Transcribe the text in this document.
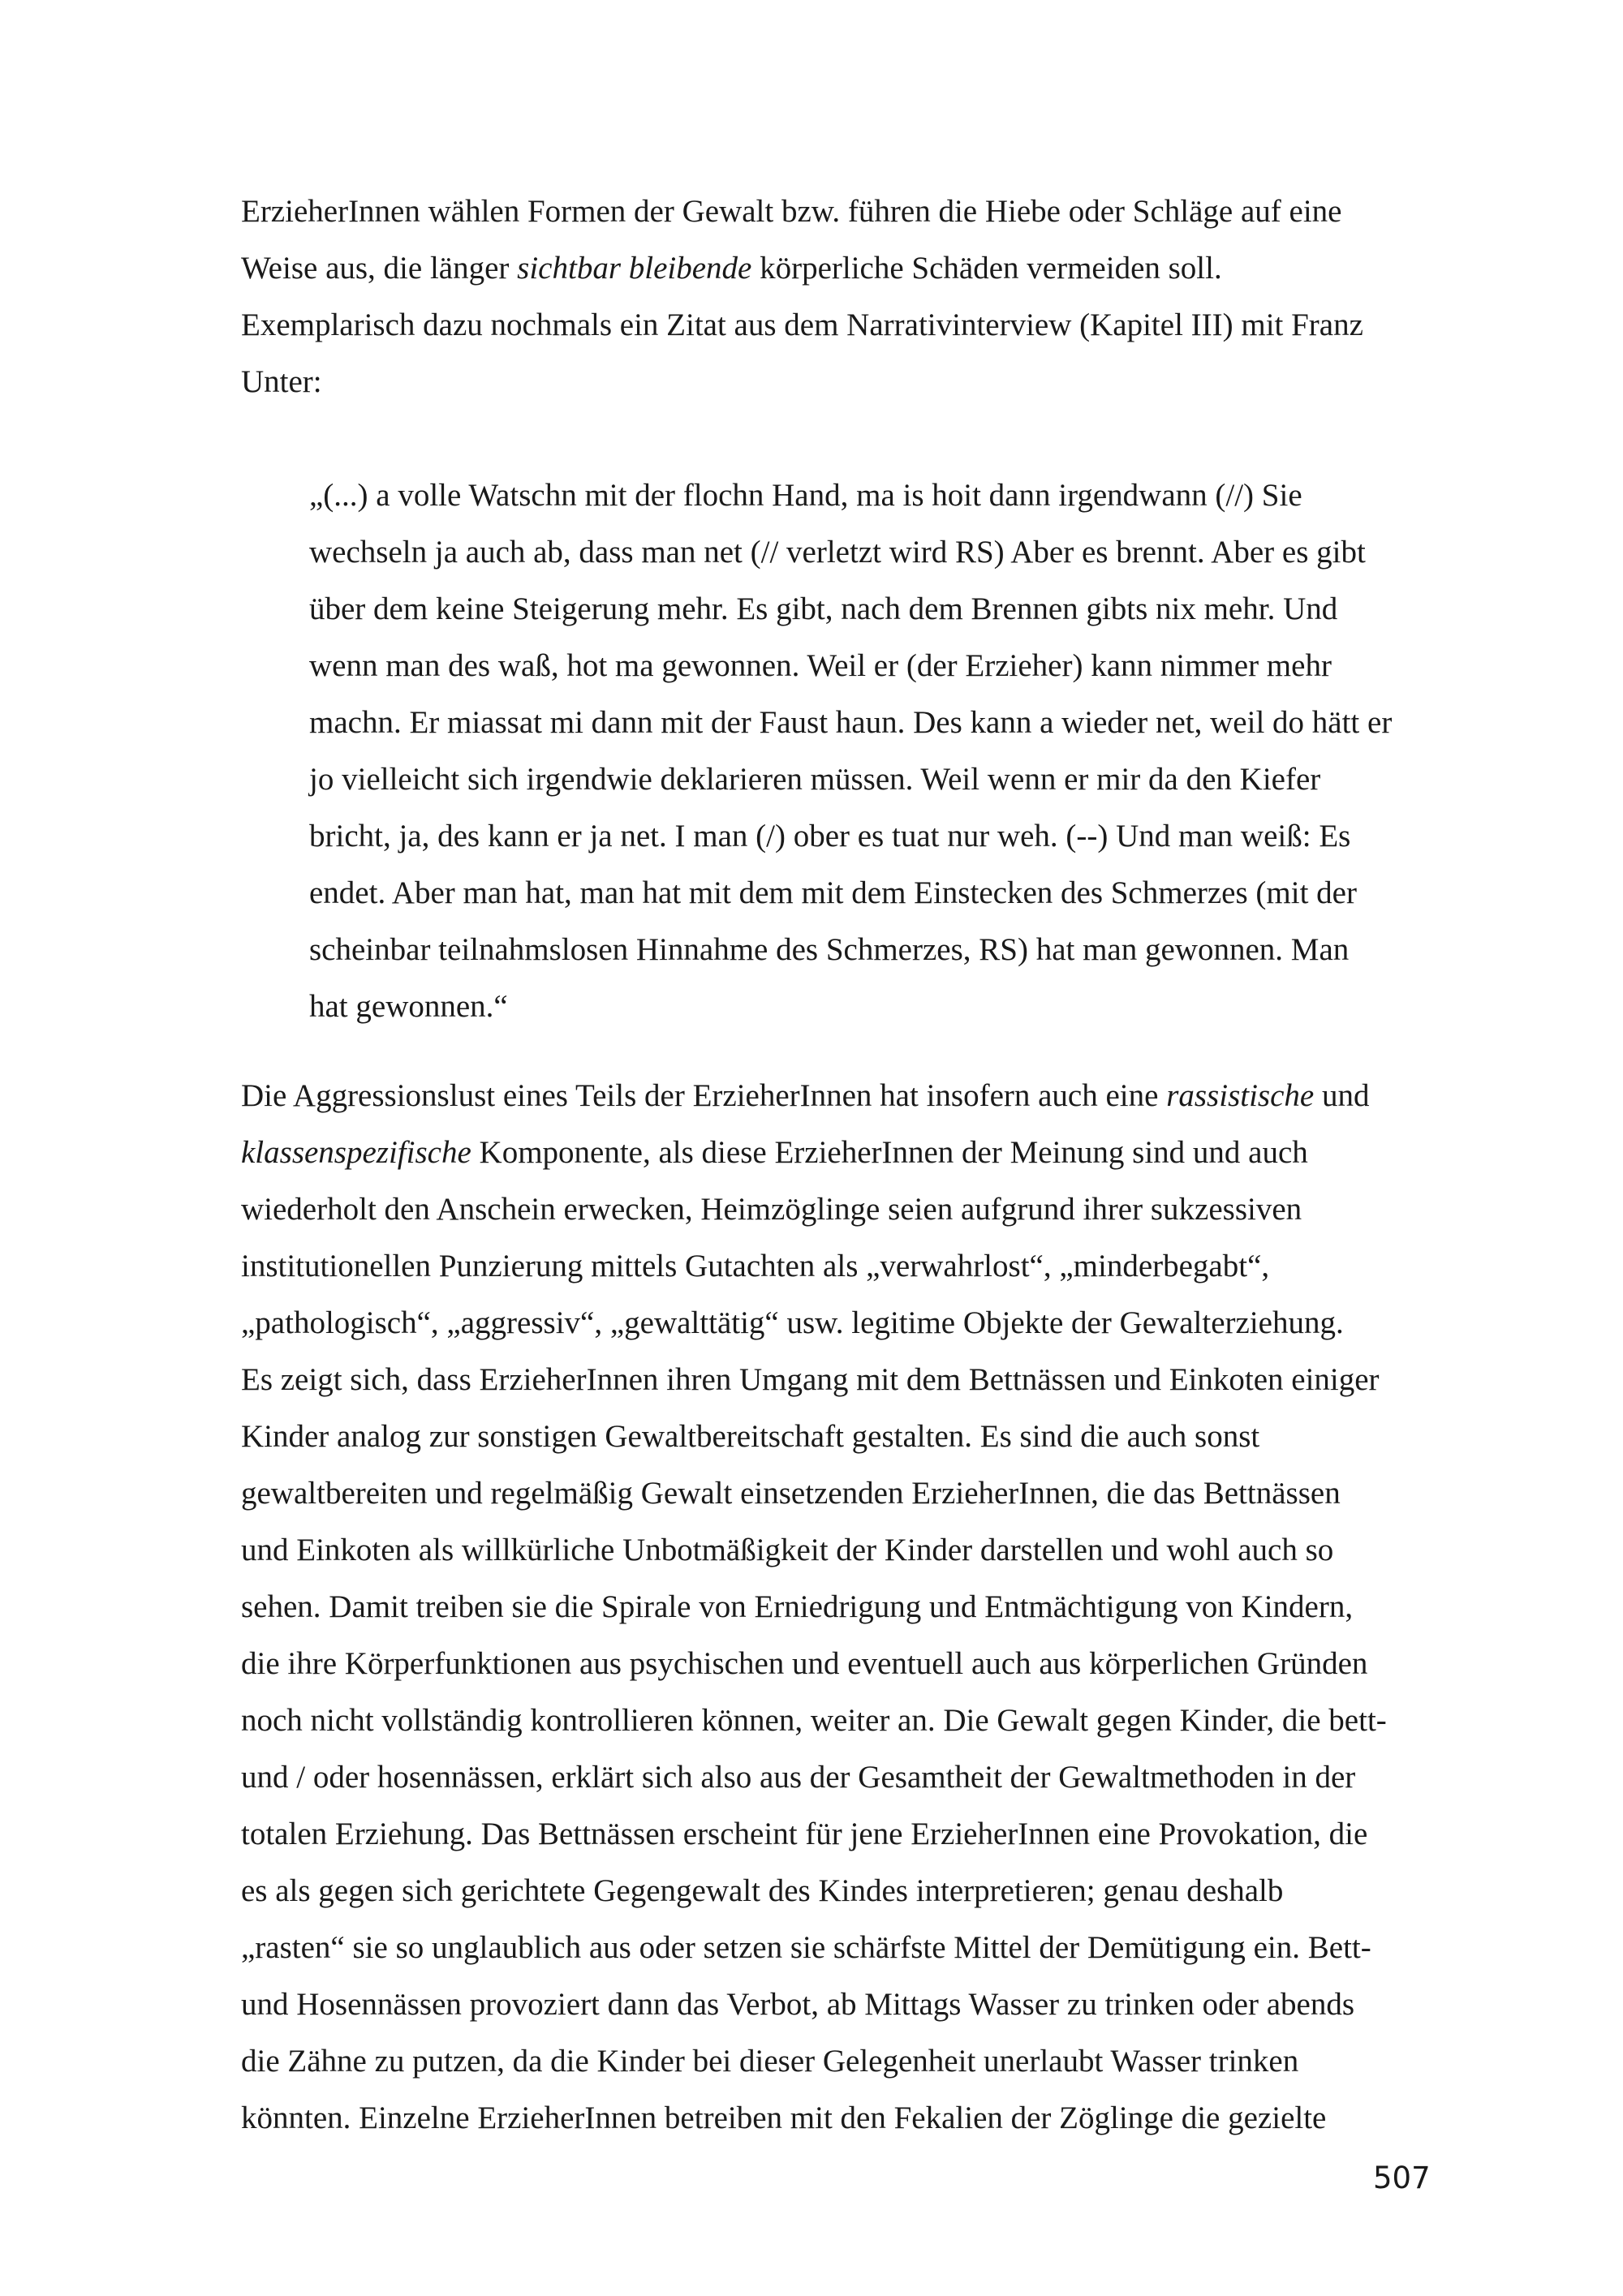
ErzieherInnen wählen Formen der Gewalt bzw. führen die Hiebe oder Schläge auf eine
Weise aus, die länger sichtbar bleibende körperliche Schäden vermeiden soll.
Exemplarisch dazu nochmals ein Zitat aus dem Narrativinterview (Kapitel III) mit Franz
Unter:
„(...) a volle Watschn mit der flochn Hand, ma is hoit dann irgendwann (//) Sie
wechseln ja auch ab, dass man net (// verletzt wird RS) Aber es brennt. Aber es gibt
über dem keine Steigerung mehr. Es gibt, nach dem Brennen gibts nix mehr. Und
wenn man des waß, hot ma gewonnen. Weil er (der Erzieher) kann nimmer mehr
machn. Er miassat mi dann mit der Faust haun. Des kann a wieder net, weil do hätt er
jo vielleicht sich irgendwie deklarieren müssen. Weil wenn er mir da den Kiefer
bricht, ja, des kann er ja net. I man (/) ober es tuat nur weh. (--) Und man weiß: Es
endet. Aber man hat, man hat mit dem mit dem Einstecken des Schmerzes (mit der
scheinbar teilnahmslosen Hinnahme des Schmerzes, RS) hat man gewonnen. Man
hat gewonnen.“
Die Aggressionslust eines Teils der ErzieherInnen hat insofern auch eine rassistische und
klassenspezifische Komponente, als diese ErzieherInnen der Meinung sind und auch
wiederholt den Anschein erwecken, Heimzöglinge seien aufgrund ihrer sukzessiven
institutionellen Punzierung mittels Gutachten als „verwahrlost“, „minderbegabt“,
„pathologisch“, „aggressiv“, „gewalttätig“ usw. legitime Objekte der Gewalterziehung.
Es zeigt sich, dass ErzieherInnen ihren Umgang mit dem Bettnässen und Einkoten einiger
Kinder analog zur sonstigen Gewaltbereitschaft gestalten. Es sind die auch sonst
gewaltbereiten und regelmäßig Gewalt einsetzenden ErzieherInnen, die das Bettnässen
und Einkoten als willkürliche Unbotmäßigkeit der Kinder darstellen und wohl auch so
sehen. Damit treiben sie die Spirale von Erniedrigung und Entmächtigung von Kindern,
die ihre Körperfunktionen aus psychischen und eventuell auch aus körperlichen Gründen
noch nicht vollständig kontrollieren können, weiter an. Die Gewalt gegen Kinder, die bett-
und / oder hosennässen, erklärt sich also aus der Gesamtheit der Gewaltmethoden in der
totalen Erziehung. Das Bettnässen erscheint für jene ErzieherInnen eine Provokation, die
es als gegen sich gerichtete Gegengewalt des Kindes interpretieren; genau deshalb
„rasten“ sie so unglaublich aus oder setzen sie schärfste Mittel der Demütigung ein. Bett-
und Hosennässen provoziert dann das Verbot, ab Mittags Wasser zu trinken oder abends
die Zähne zu putzen, da die Kinder bei dieser Gelegenheit unerlaubt Wasser trinken
könnten. Einzelne ErzieherInnen betreiben mit den Fekalien der Zöglinge die gezielte
507
